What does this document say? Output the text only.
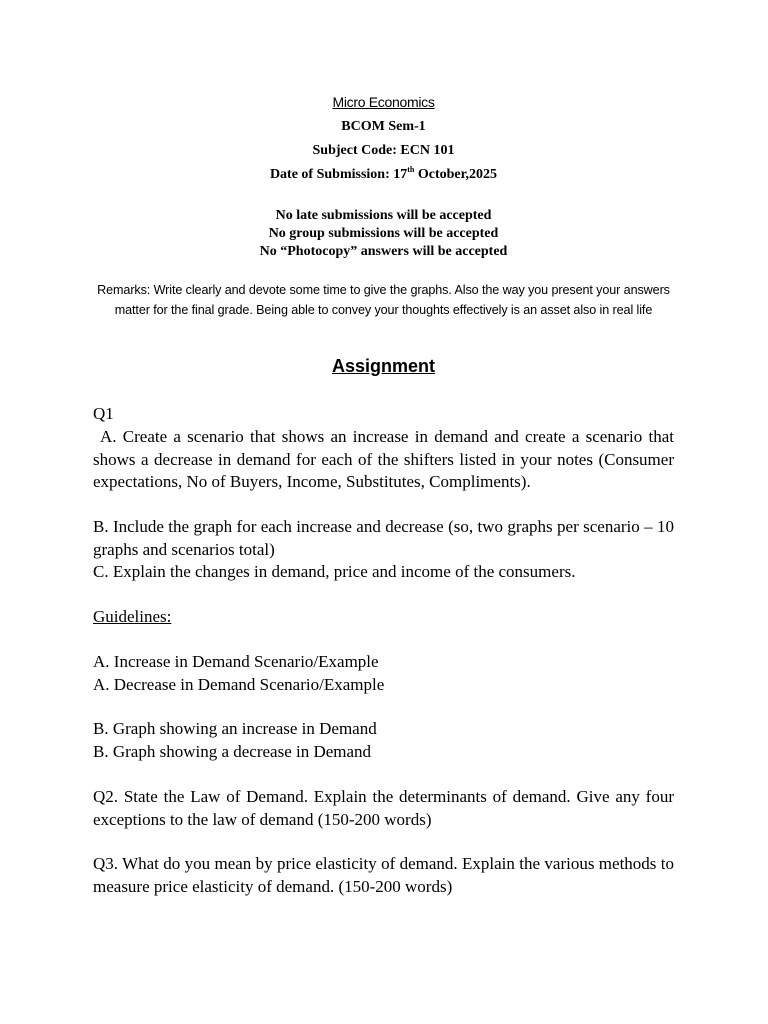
Micro Economics
BCOM Sem-1
Subject Code: ECN 101
Date of Submission: 17th October,2025
No late submissions will be accepted
No group submissions will be accepted
No “Photocopy” answers will be accepted
Remarks: Write clearly and devote some time to give the graphs. Also the way you present your answers matter for the final grade. Being able to convey your thoughts effectively is an asset also in real life
Assignment
Q1
A. Create a scenario that shows an increase in demand and create a scenario that shows a decrease in demand for each of the shifters listed in your notes (Consumer expectations, No of Buyers, Income, Substitutes, Compliments).
B. Include the graph for each increase and decrease (so, two graphs per scenario – 10 graphs and scenarios total)
C. Explain the changes in demand, price and income of the consumers.
Guidelines:
A. Increase in Demand Scenario/Example
A. Decrease in Demand Scenario/Example
B. Graph showing an increase in Demand
B. Graph showing a decrease in Demand
Q2. State the Law of Demand. Explain the determinants of demand. Give any four exceptions to the law of demand (150-200 words)
Q3. What do you mean by price elasticity of demand. Explain the various methods to measure price elasticity of demand. (150-200 words)
